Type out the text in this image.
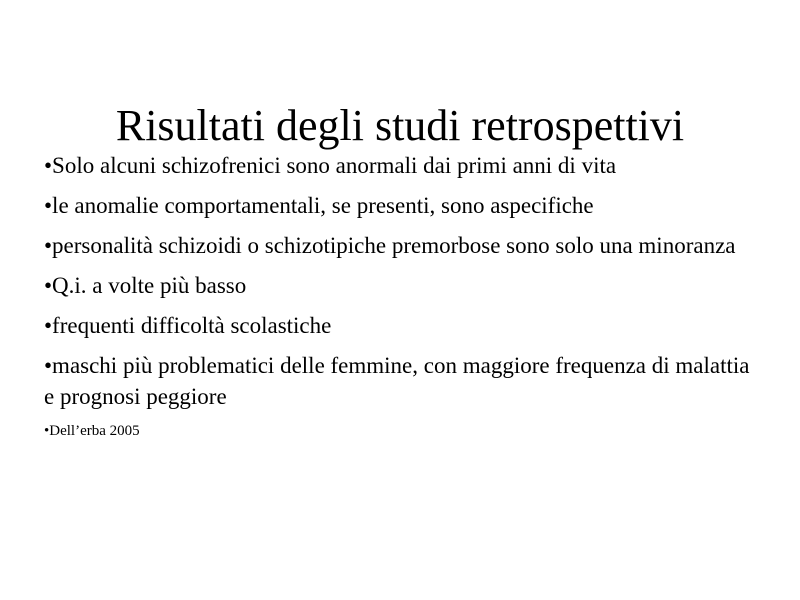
Risultati degli studi retrospettivi
•Solo alcuni schizofrenici sono anormali dai primi anni di vita
•le anomalie comportamentali, se presenti, sono aspecifiche
•personalità schizoidi o schizotipiche premorbose sono solo una minoranza
•Q.i. a volte più basso
•frequenti difficoltà scolastiche
•maschi più problematici delle femmine, con maggiore frequenza di malattia e prognosi peggiore
•Dell’erba 2005
